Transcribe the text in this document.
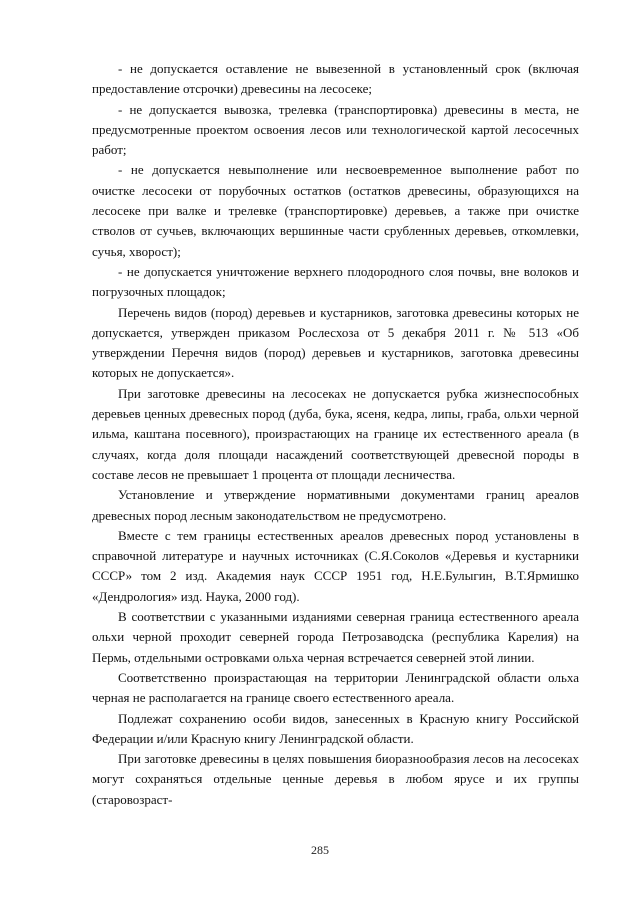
- не допускается оставление не вывезенной в установленный срок (включая предоставление отсрочки) древесины на лесосеке;

- не допускается вывозка, трелевка (транспортировка) древесины в места, не предусмотренные проектом освоения лесов или технологической картой лесосечных работ;

- не допускается невыполнение или несвоевременное выполнение работ по очистке лесосеки от порубочных остатков (остатков древесины, образующихся на лесосеке при валке и трелевке (транспортировке) деревьев, а также при очистке стволов от сучьев, включающих вершинные части срубленных деревьев, откомлевки, сучья, хворост);

- не допускается уничтожение верхнего плодородного слоя почвы, вне волоков и погрузочных площадок;

Перечень видов (пород) деревьев и кустарников, заготовка древесины которых не допускается, утвержден приказом Рослесхоза от 5 декабря 2011 г. № 513 «Об утверждении Перечня видов (пород) деревьев и кустарников, заготовка древесины которых не допускается».

При заготовке древесины на лесосеках не допускается рубка жизнеспособных деревьев ценных древесных пород (дуба, бука, ясеня, кедра, липы, граба, ольхи черной ильма, каштана посевного), произрастающих на границе их естественного ареала (в случаях, когда доля площади насаждений соответствующей древесной породы в составе лесов не превышает 1 процента от площади лесничества.

Установление и утверждение нормативными документами границ ареалов древесных пород лесным законодательством не предусмотрено.

Вместе с тем границы естественных ареалов древесных пород установлены в справочной литературе и научных источниках (С.Я.Соколов «Деревья и кустарники СССР» том 2 изд. Академия наук СССР 1951 год, Н.Е.Булыгин, В.Т.Ярмишко «Дендрология» изд. Наука, 2000 год).

В соответствии с указанными изданиями северная граница естественного ареала ольхи черной проходит северней города Петрозаводска (республика Карелия) на Пермь, отдельными островками ольха черная встречается северней этой линии.

Соответственно произрастающая на территории Ленинградской области ольха черная не располагается на границе своего естественного ареала.

Подлежат сохранению особи видов, занесенных в Красную книгу Российской Федерации и/или Красную книгу Ленинградской области.

При заготовке древесины в целях повышения биоразнообразия лесов на лесосеках могут сохраняться отдельные ценные деревья в любом ярусе и их группы (старовозраст-

285
